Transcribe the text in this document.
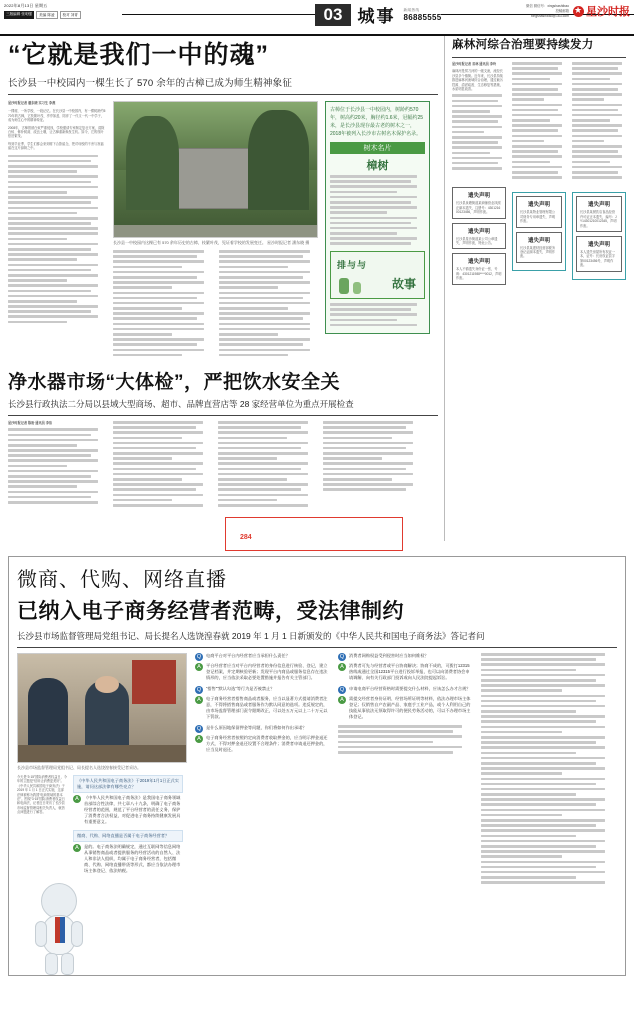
2022年8月13日 星期五
三版编辑 张明强	美编 陈凌	校对 刘青	03 城事 新闻热线
86885555
微信 微信号：xingshashibao
投稿邮箱
xingshashibao@163.com ★ 星沙时报
“它就是我们一中的魂”
长沙县一中校园内一棵生长了 570 余年的古樟已成为师生精神象征
星沙时报记者 潘东晓 实习生 李燕
一棵树，一所学校，一段记忆。在长沙县一中校园内，有一棵树龄约570年的古樟，它枝繁叶茂、亭亭如盖，陪伴了一代又一代一中学子，成为师生心中的精神象征。
2008年，古樟曾被白蚁严重侵蚀，学校邀请专家制定复壮方案，清除白蚁、修补树洞、改良土壤，让古樟重新焕发生机。如今，它的枝叶依旧繁茂。
每到毕业季，学生们都会来到树下合影留念，把对母校的不舍与祝福留在这片绿荫之中。
长沙县一中校园内这棵已有 570 余年历史的古樟，枝繁叶茂，见证着学校的发展变迁。 星沙时报记者 潘东晓 摄
古樟位于长沙县一中校园内，树龄约570年，树高约20米，胸径约1.6米，冠幅约25米，是长沙县现存最古老的树木之一，2018年被列入长沙市古树名木保护名录。
树木名片
樟树
排与与
故事
净水器市场“大体检”，严把饮水安全关
长沙县行政执法二分局以县域大型商场、超市、品牌直营店等 28 家经营单位为重点开展检查
星沙时报记者 陈盼 通讯员 李洁
麻林河综合治理要持续发力
星沙时报记者 邓林 通讯员 李玲
麻林河是捞刀河的一级支流，流经长沙县多个镇街。近年来，长沙县持续推进麻林河流域综合治理，通过截污控源、清淤疏浚、生态修复等措施，水质明显改善。
遗失声明
长沙县泉塘街道某商铺营业执照正副本遗失，注册号：430121600123456，声明作废。
遗失声明
长沙县星沙街道某公司公章遗失，声明作废，特此公告。
遗失声明
本人不慎遗失身份证一张，号码：4301211988****0012，声明作废。
遗失声明
长沙县某物业管理有限公司财务专用章遗失，声明作废。
遗失声明
长沙县某建材经营部税务登记证副本遗失，声明作废。
遗失声明
长沙县某餐饮店食品经营许可证正本遗失，编号：JY14301210012345，声明作废。
遗失声明
本人遗失房屋所有权证一本，证号：长房权证县字第00123456号，声明作废。
微商、代购、网络直播
已纳入电子商务经营者范畴，受法律制约
长沙县市场监督管理局党组书记、局长提名人选饶湟春就 2019 年 1 月 1 日新颁发的《中华人民共和国电子商务法》答记者问
长沙县市场监督管理局党组书记、局长提名人选饶湟春接受记者采访。
今天是“3·15”国际消费者权益日，今年的主题是“信用让消费更美好”。《中华人民共和国电子商务法》于 2019 年 1 月 1 日正式实施，这部法律被称为我国“电商领域的基本法”。围绕“3·15”国际消费者权益日和电商法，记者近日采访了长沙县市场监督管理局相关负责人，就热点问题进行了解答。
《中华人民共和国电子商务法》于2019年1月1日正式实施，请问这部法律有哪些亮点？
A	《中华人民共和国电子商务法》是我国电子商务领域首部综合性法律，共七章八十九条，明确了电子商务经营者的范围，规范了平台经营者的责任义务，保护了消费者合法权益，对促进电子商务持续健康发展具有重要意义。
微商、代购、网络直播是否属于电子商务经营者？
A	是的。电子商务法明确规定，通过互联网等信息网络从事销售商品或者提供服务的经营活动的自然人、法人和非法人组织，均属于电子商务经营者，包括微商、代购、网络直播带货等形式，都应当依法办理市场主体登记、依法纳税。
Q	电商平台对平台内经营者应当承担什么责任？
A	平台经营者应当对平台内经营者的身份信息进行核验、登记，建立登记档案，并定期核验更新；发现平台内商品或服务信息存在违法情形的，应当依法采取必要处置措施并报告有关主管部门。
Q	“搭售”“默认勾选”等行为是否被禁止？
A	电子商务经营者搭售商品或者服务，应当以显著方式提请消费者注意，不得将搭售商品或者服务作为默认同意的选项。违反规定的，由市场监督管理部门责令限期改正，可以处五万元以上二十万元以下罚款。
Q	是什么原因地保留押金等问题，你们将如何作出承诺？
A	电子商务经营者按照约定向消费者收取押金的，应当明示押金退还方式，不得对押金退还设置不合理条件；消费者申请退还押金的，应当及时退还。
Q	消费者网购权益受到侵害时应当如何维权？
A	消费者可先与经营者或平台协商解决；协商不成的，可拨打12315热线或通过全国12315平台进行投诉举报，也可以向消费者协会申请调解、向有关行政部门投诉或向人民法院提起诉讼。
Q	申请电商平台经营资格时需要提交什么材料，应该怎么办才合规？
A	需提交经营者身份证明、经营场所证明等材料，依法办理市场主体登记；仅销售自产农副产品、家庭手工业产品，或个人利用自己的技能从事依法无须取得许可的便民劳务活动的，可以不办理市场主体登记。
284
